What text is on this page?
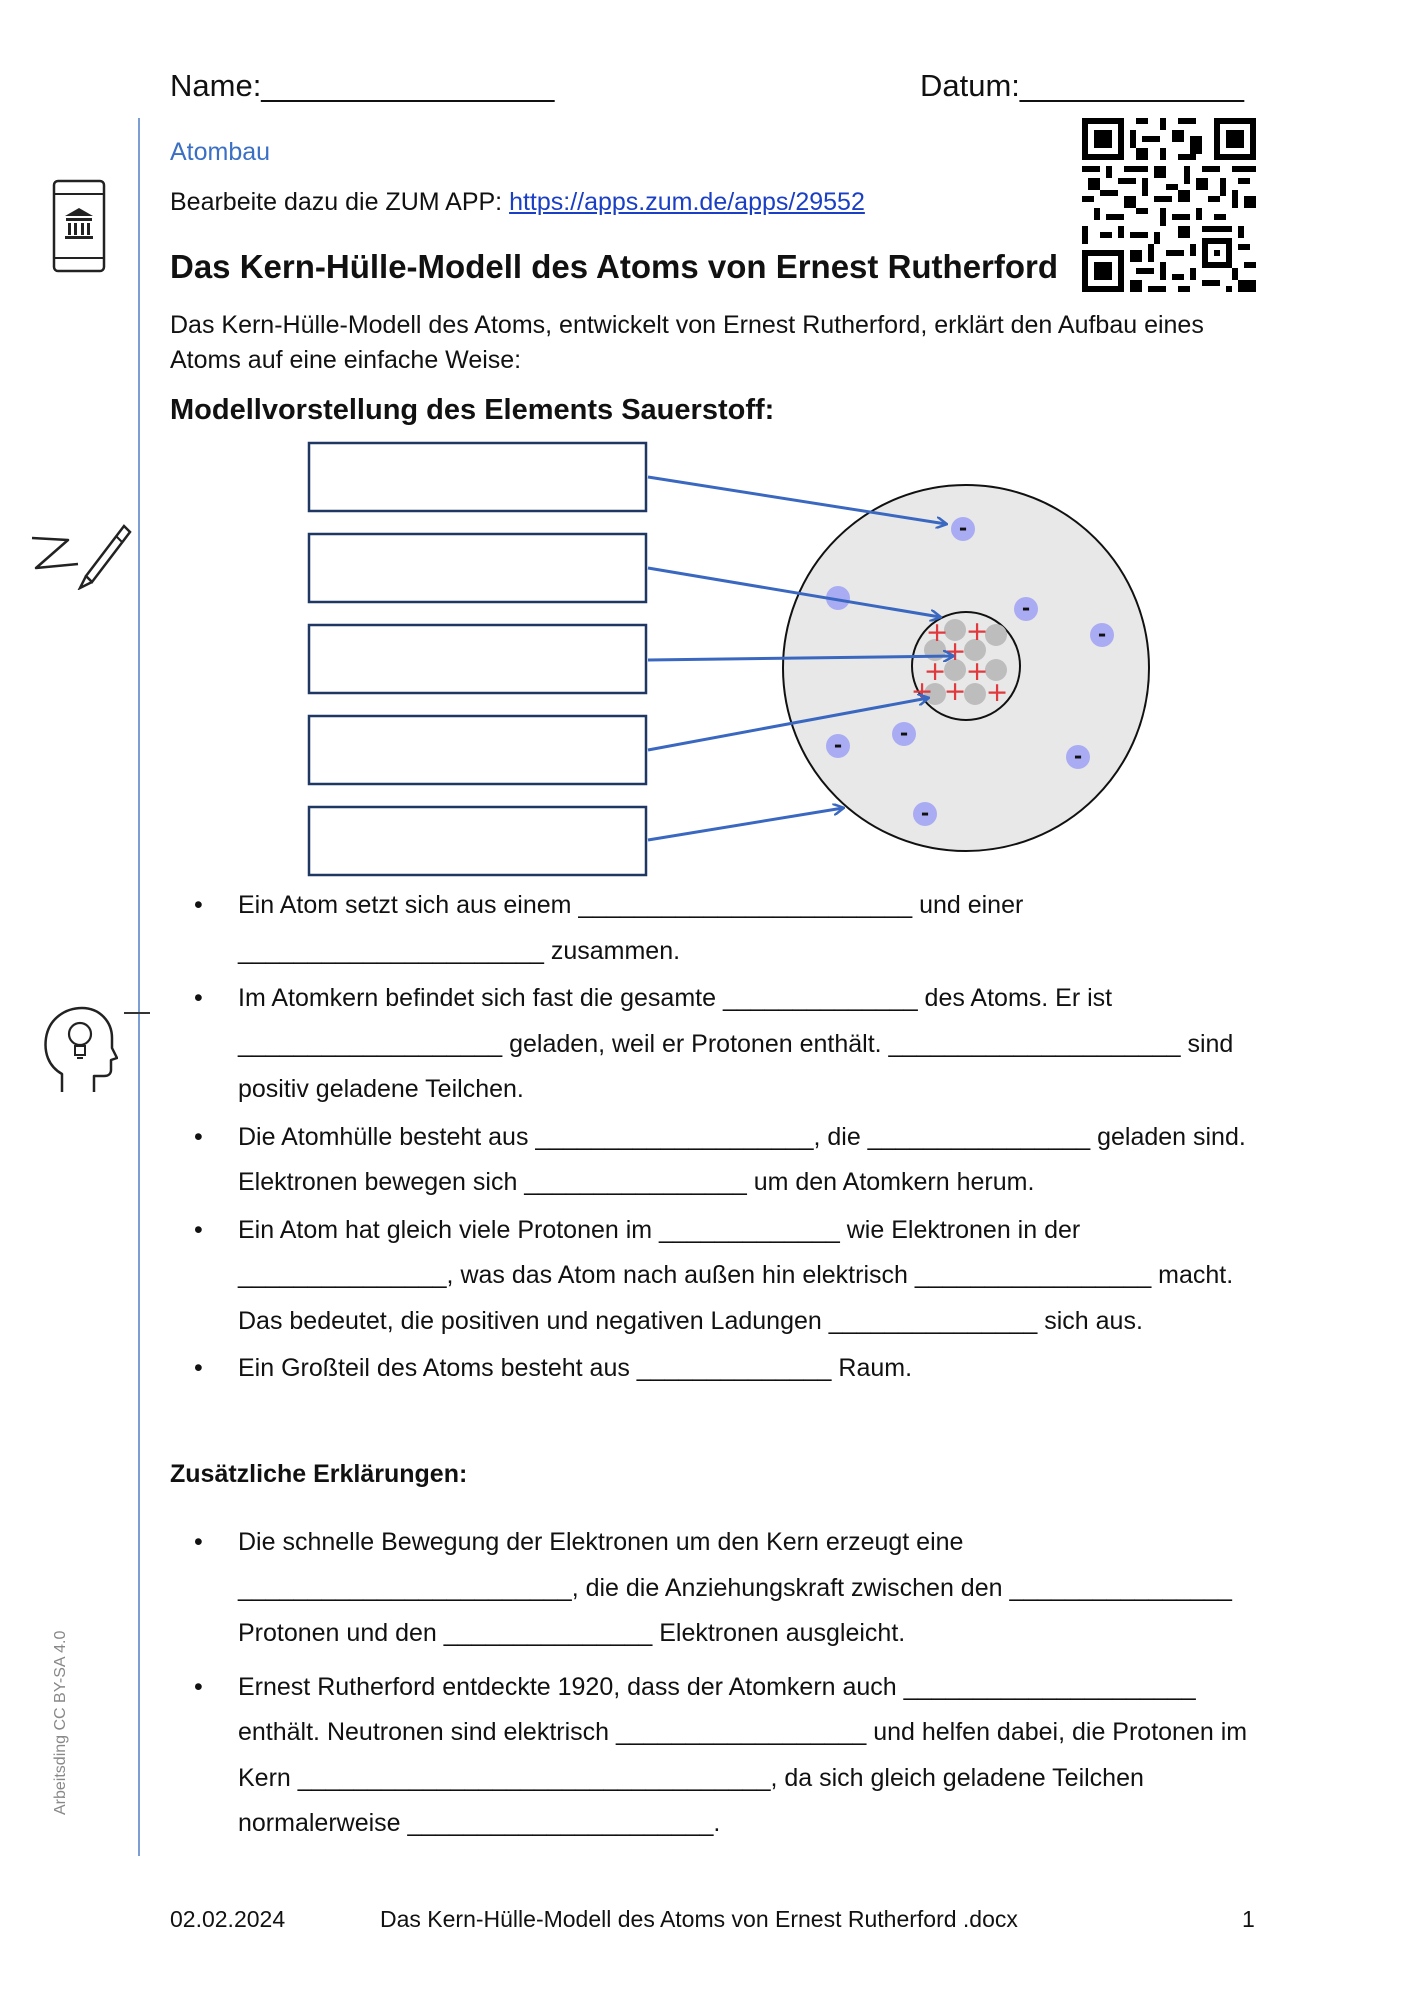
Name:_________________	Datum:_____________
Arbeitsding CC BY-SA 4.0
Atombau
Bearbeite dazu die ZUM APP: https://apps.zum.de/apps/29552
Das Kern-Hülle-Modell des Atoms von Ernest Rutherford
Das Kern-Hülle-Modell des Atoms, entwickelt von Ernest Rutherford, erklärt den Aufbau eines Atoms auf eine einfache Weise:
Modellvorstellung des Elements Sauerstoff:
+ +
+
+ +
+ +
+
-
-
-
-	-
-
-
• Ein Atom setzt sich aus einem ________________________ und einer ______________________ zusammen.
• Im Atomkern befindet sich fast die gesamte ______________ des Atoms. Er ist ___________________ geladen, weil er Protonen enthält. _____________________ sind positiv geladene Teilchen.
• Die Atomhülle besteht aus ____________________, die ________________ geladen sind. Elektronen bewegen sich ________________ um den Atomkern herum.
• Ein Atom hat gleich viele Protonen im _____________ wie Elektronen in der _______________, was das Atom nach außen hin elektrisch _________________ macht. Das bedeutet, die positiven und negativen Ladungen _______________ sich aus.
• Ein Großteil des Atoms besteht aus ______________ Raum.
Zusätzliche Erklärungen:
• Die schnelle Bewegung der Elektronen um den Kern erzeugt eine ________________________, die die Anziehungskraft zwischen den ________________ Protonen und den _______________ Elektronen ausgleicht.
• Ernest Rutherford entdeckte 1920, dass der Atomkern auch _____________________ enthält. Neutronen sind elektrisch __________________ und helfen dabei, die Protonen im Kern __________________________________, da sich gleich geladene Teilchen normalerweise ______________________.
02.02.2024	Das Kern-Hülle-Modell des Atoms von Ernest Rutherford .docx	1
